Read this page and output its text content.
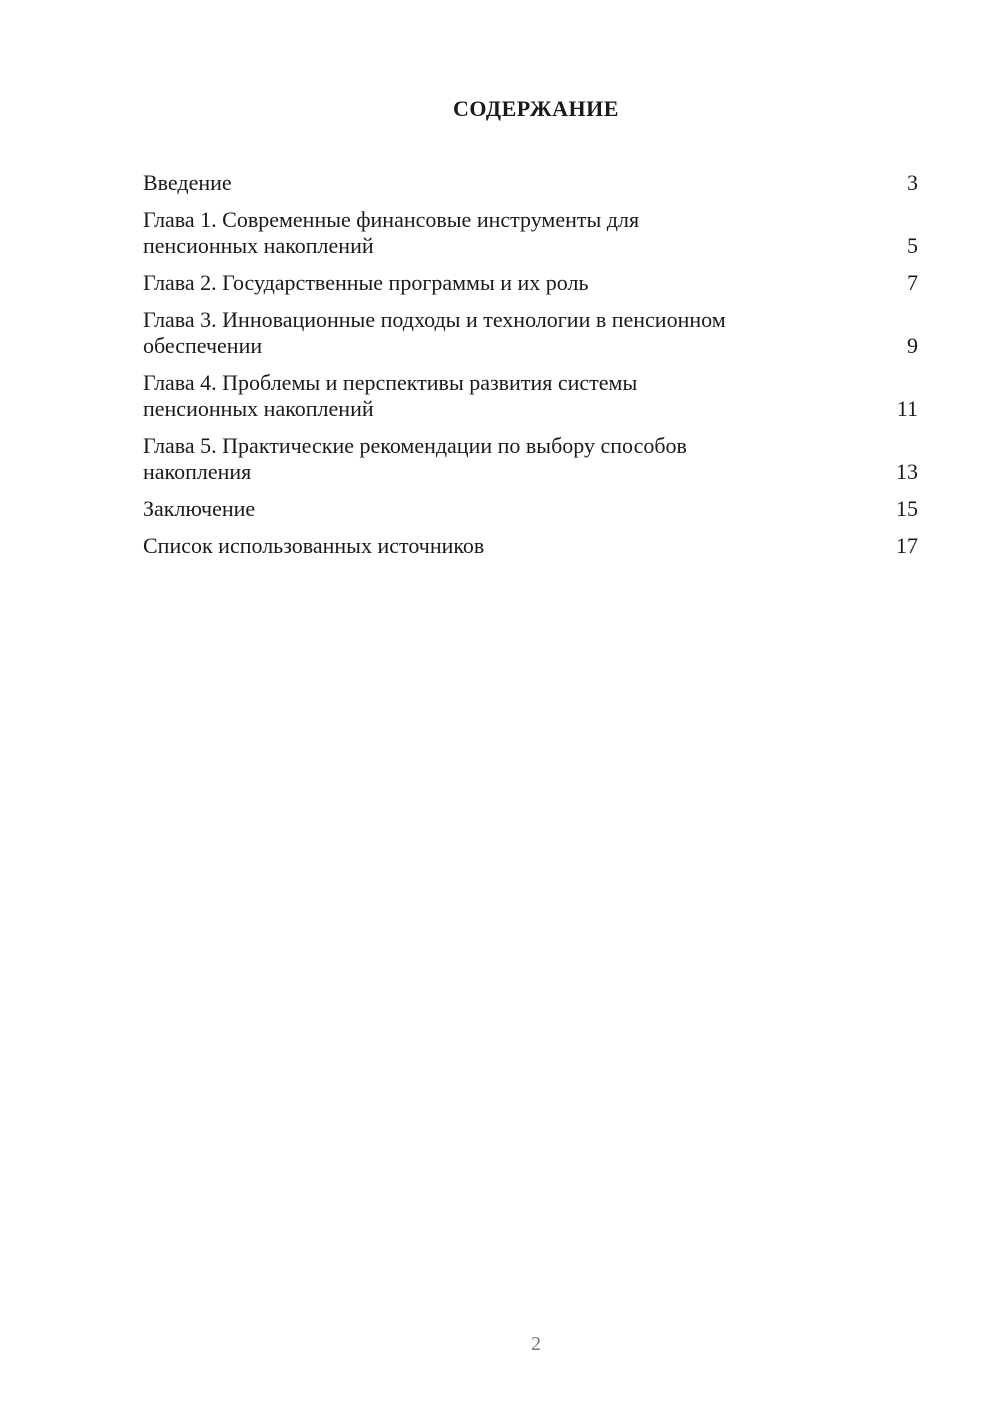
СОДЕРЖАНИЕ
Введение	3
Глава 1. Современные финансовые инструменты для
пенсионных накоплений	5
Глава 2. Государственные программы и их роль	7
Глава 3. Инновационные подходы и технологии в пенсионном
обеспечении	9
Глава 4. Проблемы и перспективы развития системы
пенсионных накоплений	11
Глава 5. Практические рекомендации по выбору способов
накопления	13
Заключение	15
Список использованных источников	17
2
